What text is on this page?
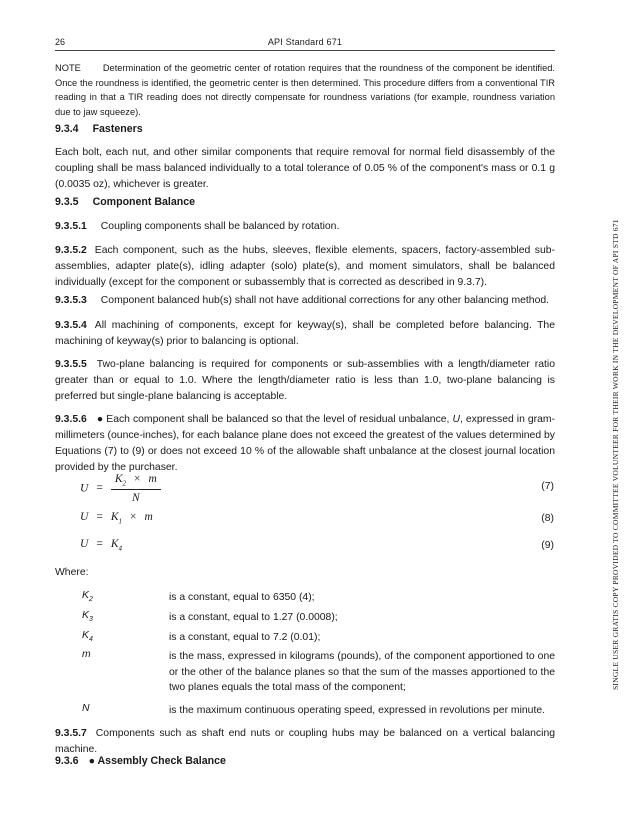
26	API Standard 671
NOTE Determination of the geometric center of rotation requires that the roundness of the component be identified. Once the roundness is identified, the geometric center is then determined. This procedure differs from a conventional TIR reading in that a TIR reading does not directly compensate for roundness variations (for example, roundness variation due to jaw squeeze).
9.3.4 Fasteners
Each bolt, each nut, and other similar components that require removal for normal field disassembly of the coupling shall be mass balanced individually to a total tolerance of 0.05 % of the component's mass or 0.1 g (0.0035 oz), whichever is greater.
9.3.5 Component Balance
9.3.5.1 Coupling components shall be balanced by rotation.
9.3.5.2 Each component, such as the hubs, sleeves, flexible elements, spacers, factory-assembled sub-assemblies, adapter plate(s), idling adapter (solo) plate(s), and moment simulators, shall be balanced individually (except for the component or subassembly that is corrected as described in 9.3.7).
9.3.5.3 Component balanced hub(s) shall not have additional corrections for any other balancing method.
9.3.5.4 All machining of components, except for keyway(s), shall be completed before balancing. The machining of keyway(s) prior to balancing is optional.
9.3.5.5 Two-plane balancing is required for components or sub-assemblies with a length/diameter ratio greater than or equal to 1.0. Where the length/diameter ratio is less than 1.0, two-plane balancing is preferred but single-plane balancing is acceptable.
9.3.5.6 ● Each component shall be balanced so that the level of residual unbalance, U, expressed in gram-millimeters (ounce-inches), for each balance plane does not exceed the greatest of the values determined by Equations (7) to (9) or does not exceed 10 % of the allowable shaft unbalance at the closest journal location provided by the purchaser.
$U = \frac{K_2 \times m}{N}$	(7)
$U = K_1 \times m$	(8)
$U = K_4$	(9)
Where:
$K_2$	is a constant, equal to 6350 (4);
$K_3$	is a constant, equal to 1.27 (0.0008);
$K_4$	is a constant, equal to 7.2 (0.01);
m	is the mass, expressed in kilograms (pounds), of the component apportioned to one or the other of the balance planes so that the sum of the masses apportioned to the two planes equals the total mass of the component;
N	is the maximum continuous operating speed, expressed in revolutions per minute.
9.3.5.7 Components such as shaft end nuts or coupling hubs may be balanced on a vertical balancing machine.
9.3.6 ● Assembly Check Balance
SINGLE USER GRATIS COPY PROVIDED TO COMMITTEE VOLUNTEER FOR THEIR WORK IN THE DEVELOPMENT OF API STD 671
